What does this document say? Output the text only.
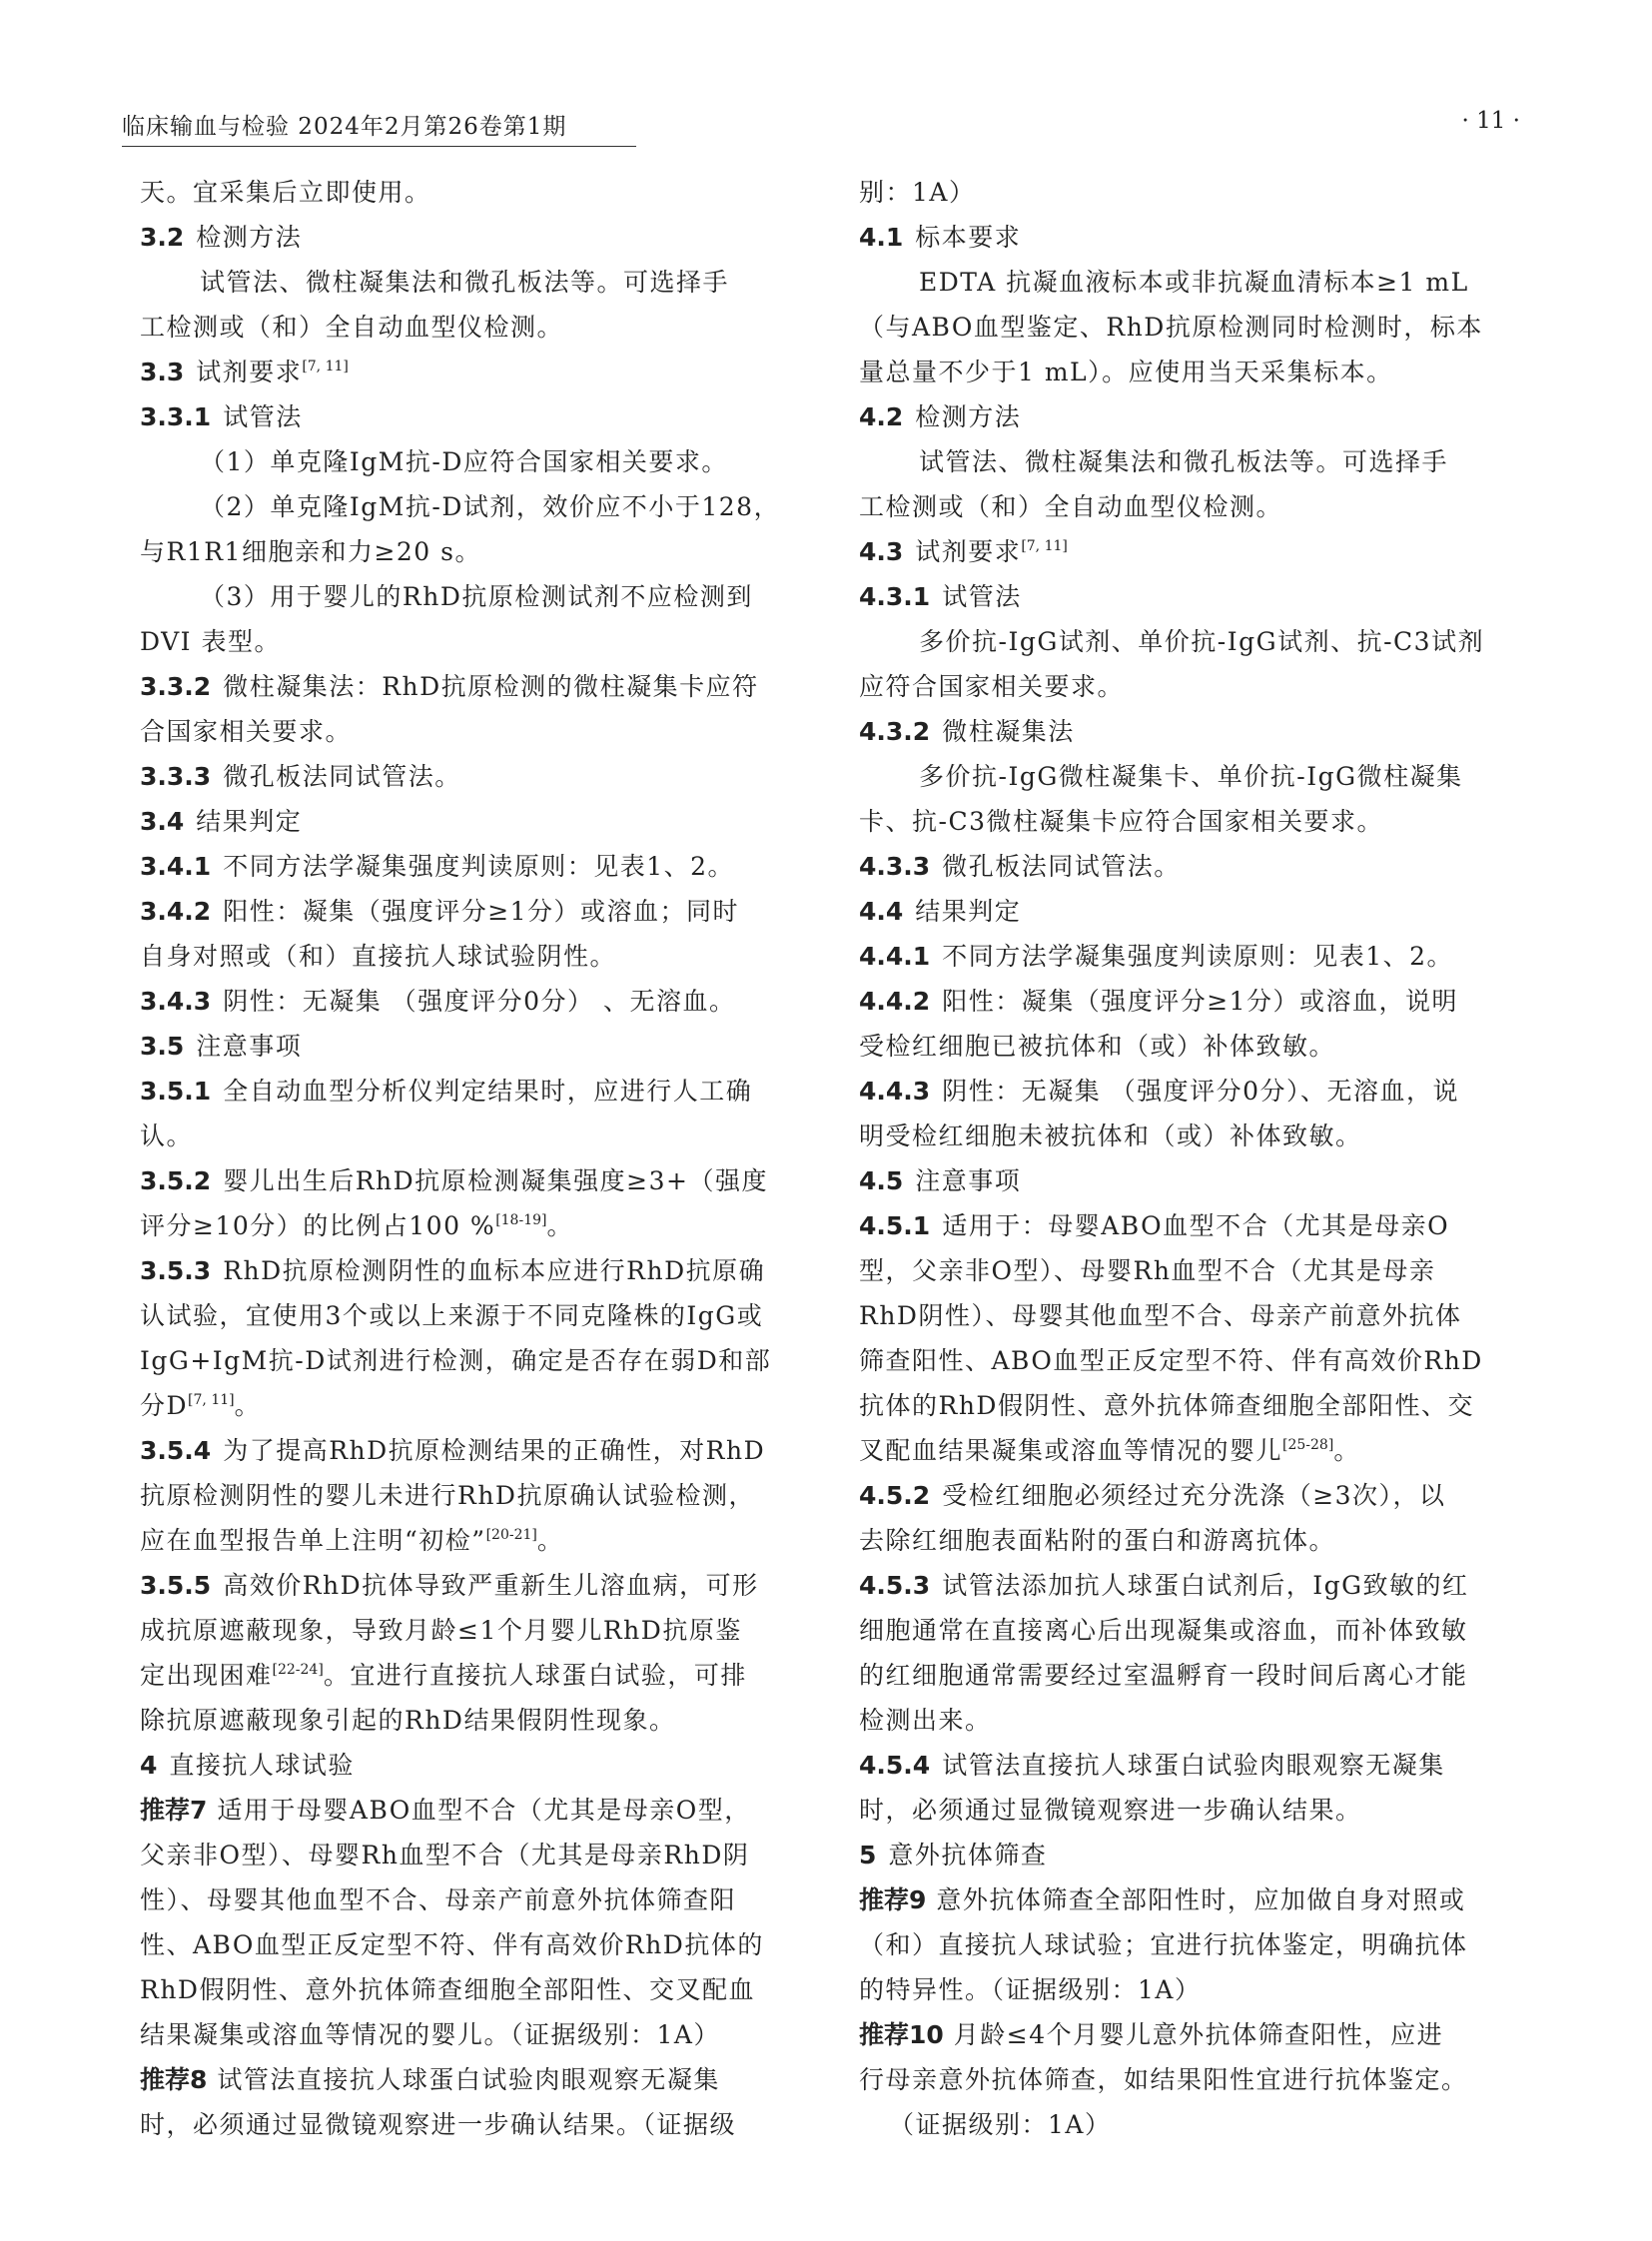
临床输血与检验 2024年2月第26卷第1期	· 11 ·
天。宜采集后立即使用。
3.2 检测方法
试管法、微柱凝集法和微孔板法等。可选择手
工检测或（和）全自动血型仪检测。
3.3 试剂要求[7, 11]
3.3.1 试管法
（1）单克隆IgM抗-D应符合国家相关要求。
（2）单克隆IgM抗-D试剂，效价应不小于128，
与R1R1细胞亲和力≥20 s。
（3）用于婴儿的RhD抗原检测试剂不应检测到
DVI 表型。
3.3.2 微柱凝集法：RhD抗原检测的微柱凝集卡应符
合国家相关要求。
3.3.3 微孔板法同试管法。
3.4 结果判定
3.4.1 不同方法学凝集强度判读原则：见表1、2。
3.4.2 阳性：凝集（强度评分≥1分）或溶血；同时
自身对照或（和）直接抗人球试验阴性。
3.4.3 阴性：无凝集 （强度评分0分） 、无溶血。
3.5 注意事项
3.5.1 全自动血型分析仪判定结果时，应进行人工确
认。
3.5.2 婴儿出生后RhD抗原检测凝集强度≥3+（强度
评分≥10分）的比例占100 %[18-19]。
3.5.3 RhD抗原检测阴性的血标本应进行RhD抗原确
认试验，宜使用3个或以上来源于不同克隆株的IgG或
IgG+IgM抗-D试剂进行检测，确定是否存在弱D和部
分D[7, 11]。
3.5.4 为了提高RhD抗原检测结果的正确性，对RhD
抗原检测阴性的婴儿未进行RhD抗原确认试验检测，
应在血型报告单上注明“初检”[20-21]。
3.5.5 高效价RhD抗体导致严重新生儿溶血病，可形
成抗原遮蔽现象，导致月龄≤1个月婴儿RhD抗原鉴
定出现困难[22-24]。宜进行直接抗人球蛋白试验，可排
除抗原遮蔽现象引起的RhD结果假阴性现象。
4 直接抗人球试验
推荐7 适用于母婴ABO血型不合（尤其是母亲O型，
父亲非O型）、母婴Rh血型不合（尤其是母亲RhD阴
性）、母婴其他血型不合、母亲产前意外抗体筛查阳
性、ABO血型正反定型不符、伴有高效价RhD抗体的
RhD假阴性、意外抗体筛查细胞全部阳性、交叉配血
结果凝集或溶血等情况的婴儿。（证据级别：1A）
推荐8 试管法直接抗人球蛋白试验肉眼观察无凝集
时，必须通过显微镜观察进一步确认结果。（证据级
别：1A）
4.1 标本要求
EDTA 抗凝血液标本或非抗凝血清标本≥1 mL
（与ABO血型鉴定、RhD抗原检测同时检测时，标本
量总量不少于1 mL）。应使用当天采集标本。
4.2 检测方法
试管法、微柱凝集法和微孔板法等。可选择手
工检测或（和）全自动血型仪检测。
4.3 试剂要求[7, 11]
4.3.1 试管法
多价抗-IgG试剂、单价抗-IgG试剂、抗-C3试剂
应符合国家相关要求。
4.3.2 微柱凝集法
多价抗-IgG微柱凝集卡、单价抗-IgG微柱凝集
卡、抗-C3微柱凝集卡应符合国家相关要求。
4.3.3 微孔板法同试管法。
4.4 结果判定
4.4.1 不同方法学凝集强度判读原则：见表1、2。
4.4.2 阳性：凝集（强度评分≥1分）或溶血，说明
受检红细胞已被抗体和（或）补体致敏。
4.4.3 阴性：无凝集 （强度评分0分）、无溶血，说
明受检红细胞未被抗体和（或）补体致敏。
4.5 注意事项
4.5.1 适用于：母婴ABO血型不合（尤其是母亲O
型，父亲非O型）、母婴Rh血型不合（尤其是母亲
RhD阴性）、母婴其他血型不合、母亲产前意外抗体
筛查阳性、ABO血型正反定型不符、伴有高效价RhD
抗体的RhD假阴性、意外抗体筛查细胞全部阳性、交
叉配血结果凝集或溶血等情况的婴儿[25-28]。
4.5.2 受检红细胞必须经过充分洗涤（≥3次），以
去除红细胞表面粘附的蛋白和游离抗体。
4.5.3 试管法添加抗人球蛋白试剂后，IgG致敏的红
细胞通常在直接离心后出现凝集或溶血，而补体致敏
的红细胞通常需要经过室温孵育一段时间后离心才能
检测出来。
4.5.4 试管法直接抗人球蛋白试验肉眼观察无凝集
时，必须通过显微镜观察进一步确认结果。
5 意外抗体筛查
推荐9 意外抗体筛查全部阳性时，应加做自身对照或
（和）直接抗人球试验；宜进行抗体鉴定，明确抗体
的特异性。（证据级别：1A）
推荐10 月龄≤4个月婴儿意外抗体筛查阳性，应进
行母亲意外抗体筛查，如结果阳性宜进行抗体鉴定。
（证据级别：1A）
